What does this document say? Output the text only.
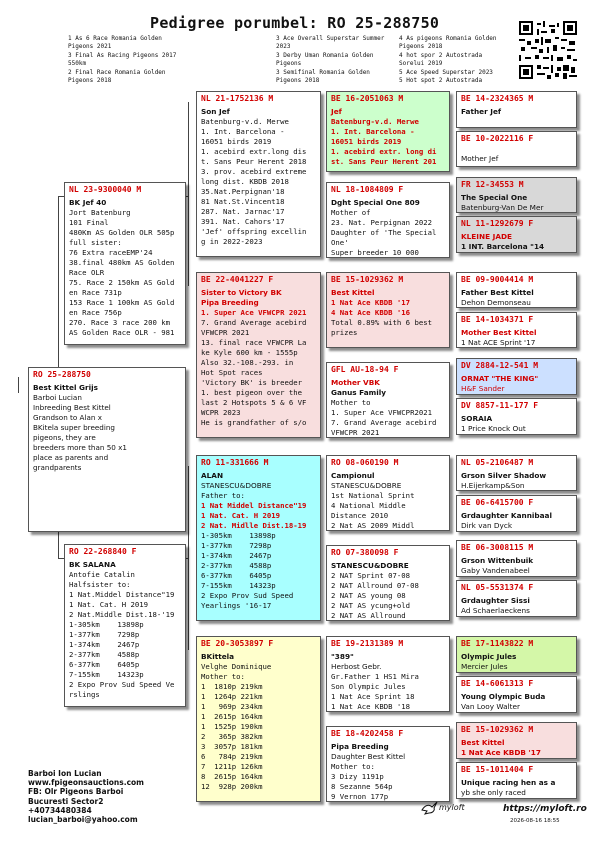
Pedigree porumbel: RO 25-288750
1 As 6 Race Romania Golden
Pigeons 2021
3 Ace Overall Superstar Summer
2023
4 As pigeons Romania Golden
Pigeons 2018
3 Final As Racing Pigeons 2017
550km
3 Derby Uman Romania Golden
Pigeons
4 hot spor 2 Autostrada
Sorelui 2019
2 Final Race Romania Golden
Pigeons 2018
3 Semifinal Romania Golden
Pigeons 2018
5 Ace Speed Superstar 2023
5 Hot spot 2 Autostrada
RO 25-288750
Best Kittel Grijs
Barboi Lucian
Inbreeding Best Kittel
Grandson to Alan x
BKitela super breeding
pigeons, they are
breeders more than 50 x1
place as parents and
grandparents
NL 23-9300040 M
BK Jef 40
Jort Batenburg
101 Final
480Km AS Golden OLR 505p
full sister:
76 Extra raceEMP'24
38.final 480km AS Golden
Race OLR
75. Race 2 150km AS Gold
en Race 731p
153 Race 1 100km AS Gold
en Race 756p
270. Race 3 race 200 km
AS Golden Race OLR - 981
RO 22-268840 F
BK SALANA
Antofie Catalin
Halfsister to:
1 Nat.Middel Distance"19
1 Nat. Cat. H 2019
2 Nat.Middle Dist.18-'19
1-305km    13898p
1-377km    7298p
1-374km    2467p
2-377km    4588p
6-377km    6405p
7-155km    14323p
2 Expo Prov Sud Speed Ve
rslings
NL 21-1752136 M
Son Jef
Batenburg-v.d. Merwe
1. Int. Barcelona -
16051 birds 2019
1. acebird extr.long dis
t. Sans Peur Herent 2018
3. prov. acebird extreme
long dist. KBDB 2018
35.Nat.Perpignan'18
81 Nat.St.Vincent18
287. Nat. Jarnac'17
391. Nat. Cahors'17
'Jef' offspring excellin
g in 2022-2023
BE 22-4041227 F
Sister to Victory BK
Pipa Breeding
1. Super Ace VFWCPR 2021
7. Grand Average acebird
VFWCPR 2021
13. final race VFWCPR La
ke Kyle 600 km - 1555p
Also 32.-108.-293. in
Hot Spot races
'Victory BK' is breeder
1. best pigeon over the
last 2 Hotspots 5 & 6 VF
WCPR 2023
He is grandfather of s/o
RO 11-331666 M
ALAN
STANESCU&DOBRE
Father to:
1 Nat Middel Distance"19
1 Nat. Cat. H 2019
2 Nat. Midlle Dist.18-19
1-305km    13898p
1-377km    7298p
1-374km    2467p
2-377km    4588p
6-377km    6405p
7-155km    14323p
2 Expo Prov Sud Speed
Yearlings '16-17
BE 20-3053897 F
BKittela
Velghe Dominique
Mother to:
1  1810p 219km
1  1264p 221km
1   969p 234km
1  2615p 164km
1  1525p 190km
2   365p 382km
3  3057p 181km
6   784p 219km
7  1211p 126km
8  2615p 164km
12  928p 200km
BE 16-2051063 M
Jef
Batenburg-v.d. Merwe
1. Int. Barcelona -
16051 birds 2019
1. acebird extr. long di
st. Sans Peur Herent 201
NL 18-1084809 F
Dght Special One 809
Mother of
23. Nat. Perpignan 2022
Daughter of 'The Special
One'
Super breeder 10 000
BE 15-1029362 M
Best Kittel
1 Nat Ace KBDB '17
4 Nat Ace KBDB '16
Total 0.89% with 6 best
prizes
GFL AU-18-94 F
Mother VBK
Ganus Family
Mother to
1. Super Ace VFWCPR2021
7. Grand Average acebird
VFWCPR 2021
RO 08-060190 M
Campionul
STANESCU&DOBRE
1st National Sprint
4 National Middle
Distance 2010
2 Nat AS 2009 Middl
RO 07-380098 F
STANESCU&DOBRE
2 NAT Sprint 07-08
2 NAT Allround 07-08
2 NAT AS young 08
2 NAT AS ycung+old
2 NAT AS Allround
BE 19-2131389 M
"389"
Herbost Gebr.
Gr.Father 1 HS1 Mira
Son Olympic Jules
1 Nat Ace Sprint 18
1 Nat Ace KBDB '18
BE 18-4202458 F
Pipa Breeding
Daughter Best Kittel
Mother to:
3 Dizy 1191p
8 Sezanne 564p
9 Vernon 177p
BE 14-2324365 M
Father Jef
BE 10-2022116 F
Mother Jef
FR 12-34553 M
The Special One
Batenburg-Van De Mer
NL 11-1292679 F
KLEINE JADE
1 INT. Barcelona "14
BE 09-9004414 M
Father Best Kittel
Dehon Demonseau
BE 14-1034371 F
Mother Best Kittel
1 Nat ACE Sprint '17
DV 2884-12-541 M
ORNAT "THE KING"
H&F Sander
DV 8857-11-177 F
SORAIA
1 Price Knock Out
NL 05-2106487 M
Grson Silver Shadow
H.Eijerkamp&Son
BE 06-6415700 F
Grdaughter Kannibaal
Dirk van Dyck
BE 06-3008115 M
Grson Wittenbuik
Gaby Vandenabeel
NL 05-5531374 F
Grdaughter Sissi
Ad Schaerlaeckens
BE 17-1143822 M
Olympic Jules
Mercier Jules
BE 14-6061313 F
Young Olympic Buda
Van Looy Walter
BE 15-1029362 M
Best Kittel
1 Nat Ace KBDB '17
BE 15-1011404 F
Unique racing hen as a
yb she only raced
Barboi Ion Lucian
www.fpigeonsauctions.com
FB: Olr Pigeons Barboi
Bucuresti Sector2
+40734480384
lucian_barboi@yahoo.com
myloft	https://myloft.ro
2026-08-16 18:55
